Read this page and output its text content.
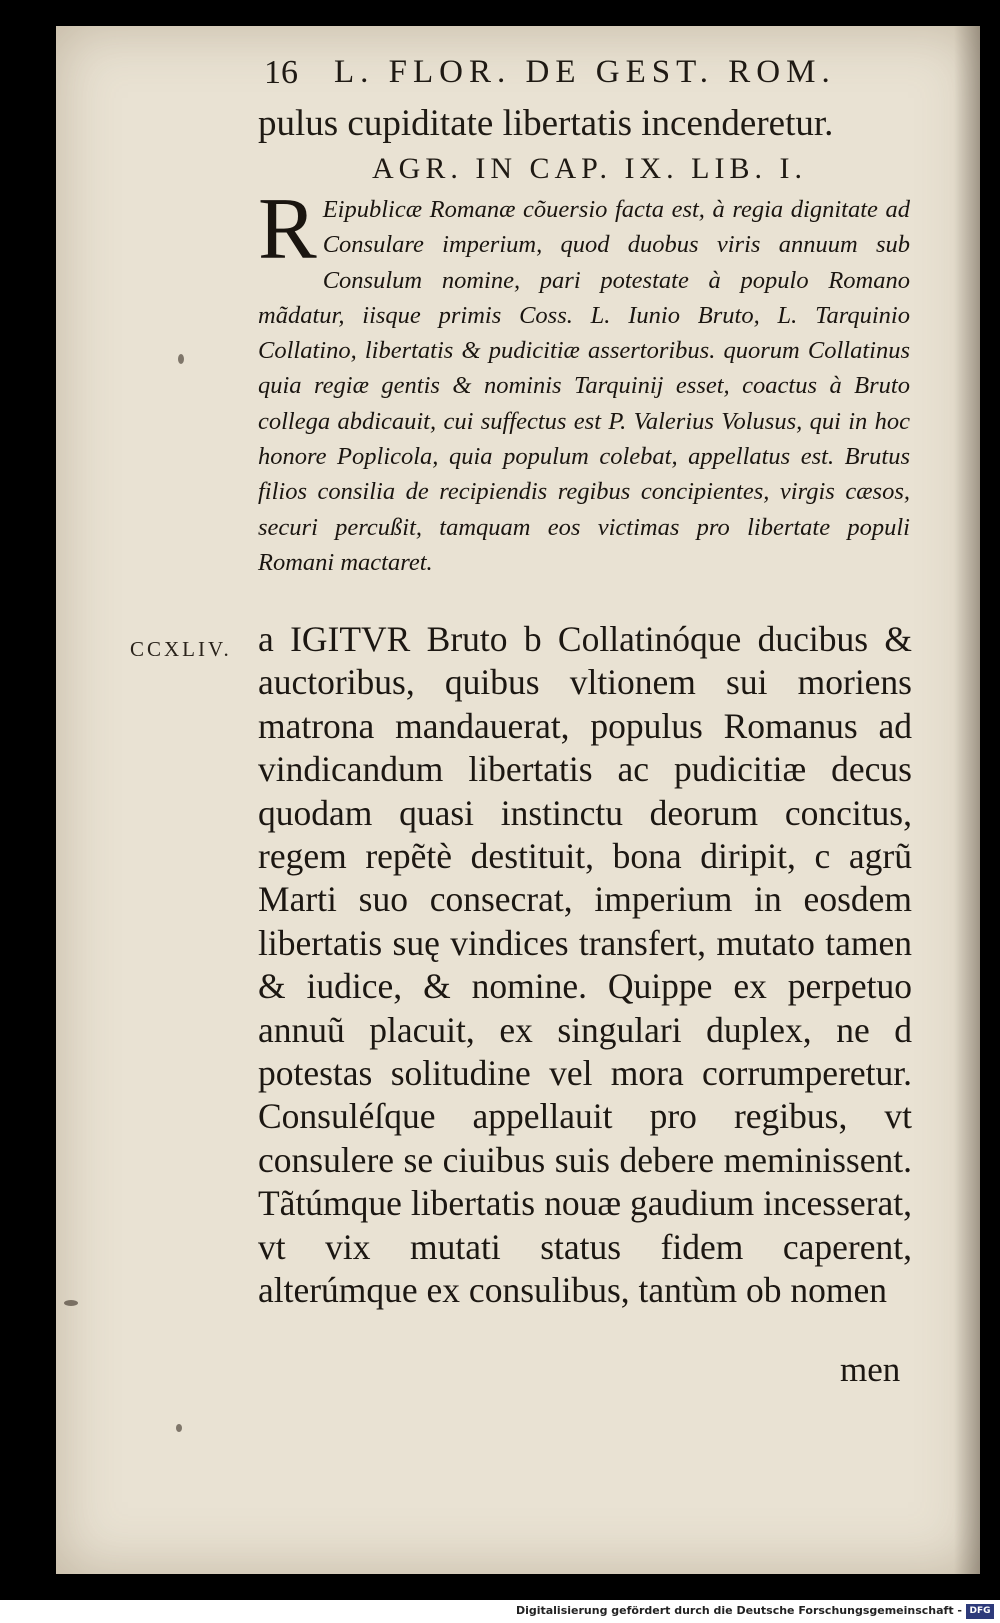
16 L. FLOR. DE GEST. ROM.
pulus cupiditate libertatis incenderetur.
AGR. IN CAP. IX. LIB. I.
R Eipublicæ Romanæ cõuersio facta est, à regia dignitate ad Consulare imperium, quod duobus viris annuum sub Consulum nomine, pari potestate à populo Romano mãdatur, iisque primis Coss. L. Iunio Bruto, L. Tarquinio Collatino, libertatis & pudicitiæ assertoribus. quorum Collatinus quia regiæ gentis & nominis Tarquinij esset, coactus à Bruto collega abdicauit, cui suffectus est P. Valerius Volusus, qui in hoc honore Poplicola, quia populum colebat, appellatus est. Brutus filios consilia de recipiendis regibus concipientes, virgis cæsos, securi percußit, tamquam eos victimas pro libertate populi Romani mactaret.
CCXLIV. a IGITVR Bruto b Collatinóque ducibus & auctoribus, quibus vltionem sui moriens matrona mandauerat, populus Romanus ad vindicandum libertatis ac pudicitiæ decus quodam quasi instinctu deorum concitus, regem repẽtè destituit, bona diripit, c agrũ Marti suo consecrat, imperium in eosdem libertatis suę vindices transfert, mutato tamen & iudice, & nomine. Quippe ex perpetuo annuũ placuit, ex singulari duplex, ne d potestas solitudine vel mora corrumperetur. Consuléſque appellauit pro regibus, vt consulere se ciuibus suis debere meminissent. Tãtúmque libertatis nouæ gaudium incesserat, vt vix mutati status fidem caperent, alterúmque ex consulibus, tantùm ob nomen
men
Digitalisierung gefördert durch die Deutsche Forschungsgemeinschaft - DFG
